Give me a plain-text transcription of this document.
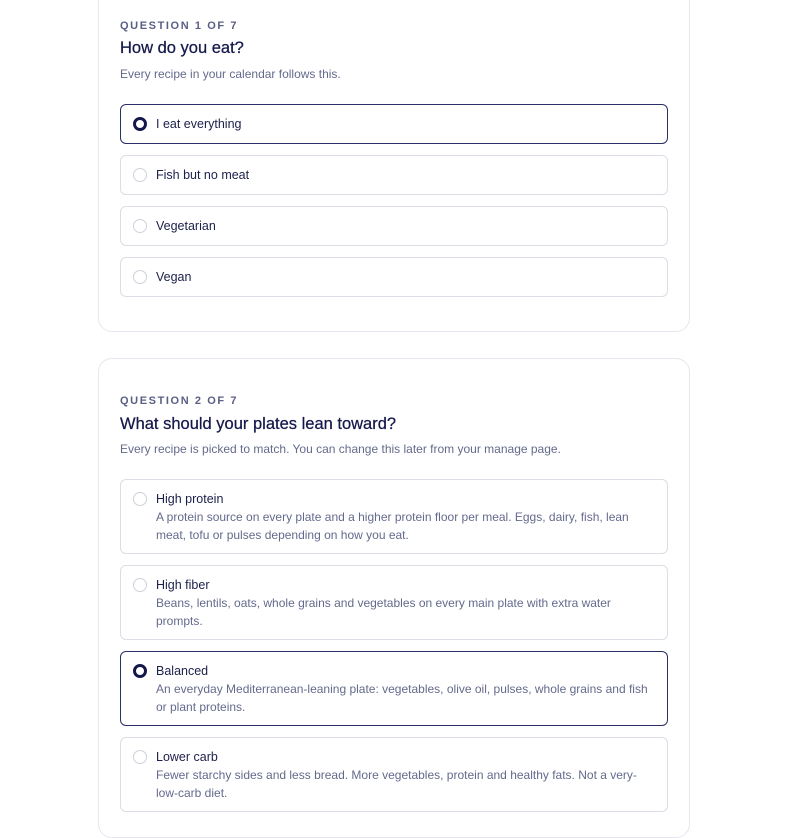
QUESTION 1 OF 7
How do you eat?
Every recipe in your calendar follows this.
I eat everything
Fish but no meat
Vegetarian
Vegan
QUESTION 2 OF 7
What should your plates lean toward?
Every recipe is picked to match. You can change this later from your manage page.
High protein
A protein source on every plate and a higher protein floor per meal. Eggs, dairy, fish, lean meat, tofu or pulses depending on how you eat.
High fiber
Beans, lentils, oats, whole grains and vegetables on every main plate with extra water prompts.
Balanced
An everyday Mediterranean-leaning plate: vegetables, olive oil, pulses, whole grains and fish or plant proteins.
Lower carb
Fewer starchy sides and less bread. More vegetables, protein and healthy fats. Not a very-low-carb diet.
